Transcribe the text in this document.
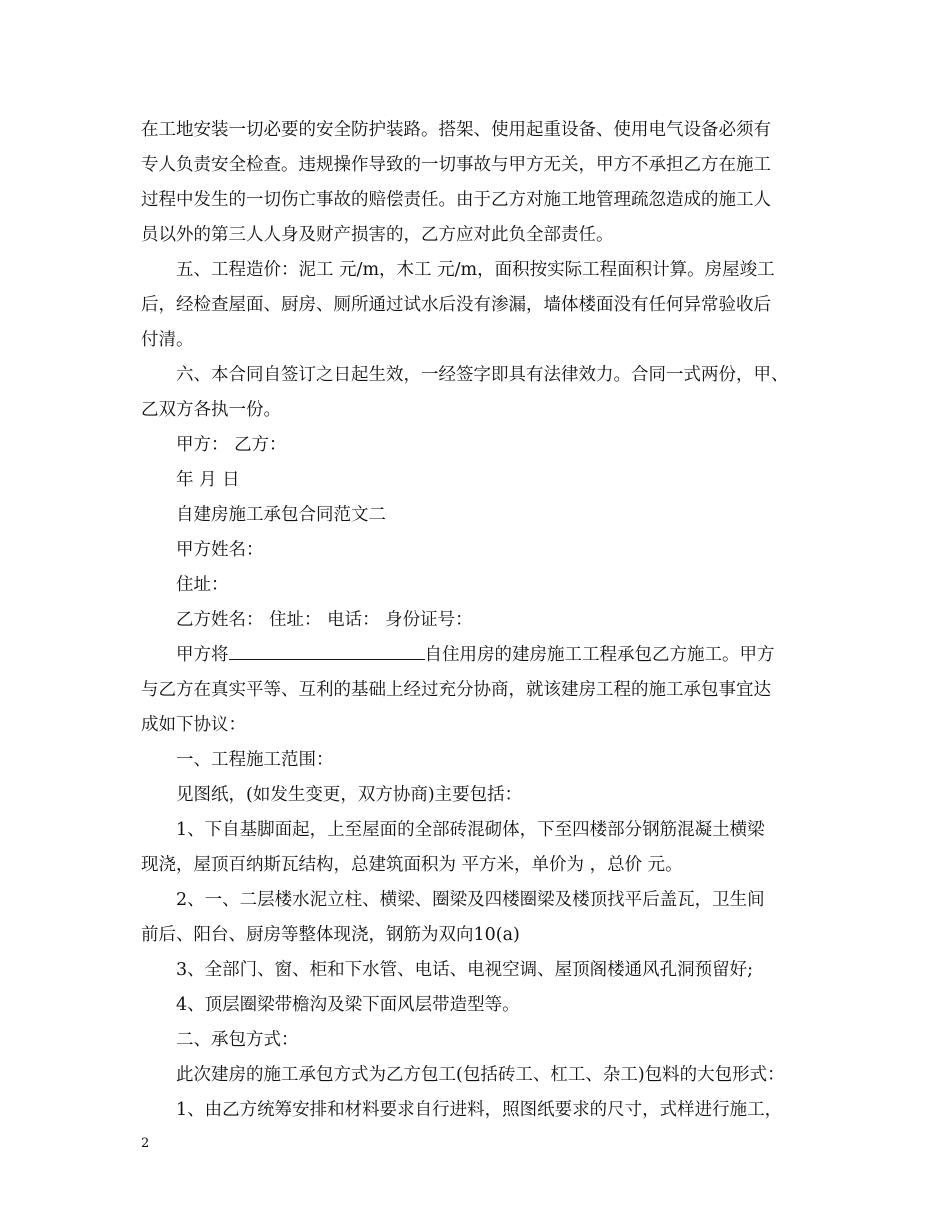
在工地安装一切必要的安全防护装路。搭架、使用起重设备、使用电气设备必须有
专人负责安全检查。违规操作导致的一切事故与甲方无关，甲方不承担乙方在施工
过程中发生的一切伤亡事故的赔偿责任。由于乙方对施工地管理疏忽造成的施工人
员以外的第三人人身及财产损害的，乙方应对此负全部责任。
五、工程造价：泥工 元/m，木工 元/m，面积按实际工程面积计算。房屋竣工
后，经检查屋面、厨房、厕所通过试水后没有渗漏，墙体楼面没有任何异常验收后
付清。
六、本合同自签订之日起生效，一经签字即具有法律效力。合同一式两份，甲、
乙双方各执一份。
甲方： 乙方：
年 月 日
自建房施工承包合同范文二
甲方姓名：
住址：
乙方姓名： 住址： 电话： 身份证号：
甲方将	自住用房的建房施工工程承包乙方施工。甲方
与乙方在真实平等、互利的基础上经过充分协商，就该建房工程的施工承包事宜达
成如下协议：
一、工程施工范围：
见图纸，(如发生变更，双方协商)主要包括：
1、下自基脚面起，上至屋面的全部砖混砌体，下至四楼部分钢筋混凝土横梁
现浇，屋顶百纳斯瓦结构，总建筑面积为 平方米，单价为 ，总价 元。
2、一、二层楼水泥立柱、横梁、圈梁及四楼圈梁及楼顶找平后盖瓦，卫生间
前后、阳台、厨房等整体现浇，钢筋为双向10(a)
3、全部门、窗、柜和下水管、电话、电视空调、屋顶阁楼通风孔洞预留好;
4、顶层圈梁带檐沟及梁下面风层带造型等。
二、承包方式：
此次建房的施工承包方式为乙方包工(包括砖工、杠工、杂工)包料的大包形式：
1、由乙方统筹安排和材料要求自行进料，照图纸要求的尺寸，式样进行施工，
2
